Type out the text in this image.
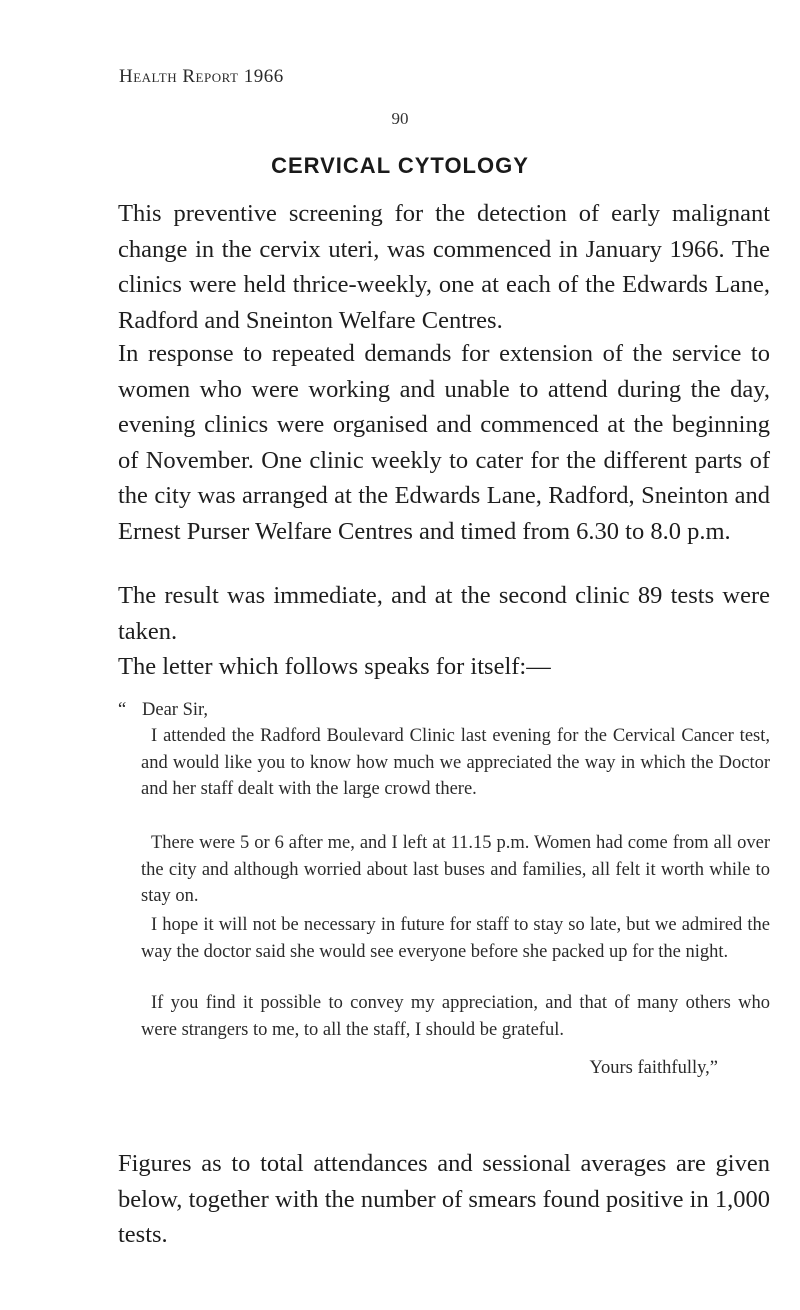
Health Report 1966
90
CERVICAL CYTOLOGY

This preventive screening for the detection of early malignant change in the cervix uteri, was commenced in January 1966. The clinics were held thrice-weekly, one at each of the Edwards Lane, Radford and Sneinton Welfare Centres.

In response to repeated demands for extension of the service to women who were working and unable to attend during the day, evening clinics were organised and commenced at the beginning of November. One clinic weekly to cater for the different parts of the city was arranged at the Edwards Lane, Radford, Sneinton and Ernest Purser Welfare Centres and timed from 6.30 to 8.0 p.m.

The result was immediate, and at the second clinic 89 tests were taken.

The letter which follows speaks for itself:—

“ Dear Sir,

I attended the Radford Boulevard Clinic last evening for the Cervical Cancer test, and would like you to know how much we appreciated the way in which the Doctor and her staff dealt with the large crowd there.

There were 5 or 6 after me, and I left at 11.15 p.m. Women had come from all over the city and although worried about last buses and families, all felt it worth while to stay on.

I hope it will not be necessary in future for staff to stay so late, but we admired the way the doctor said she would see everyone before she packed up for the night.

If you find it possible to convey my appreciation, and that of many others who were strangers to me, to all the staff, I should be grateful.

Yours faithfully,”

Figures as to total attendances and sessional averages are given below, together with the number of smears found positive in 1,000 tests.
